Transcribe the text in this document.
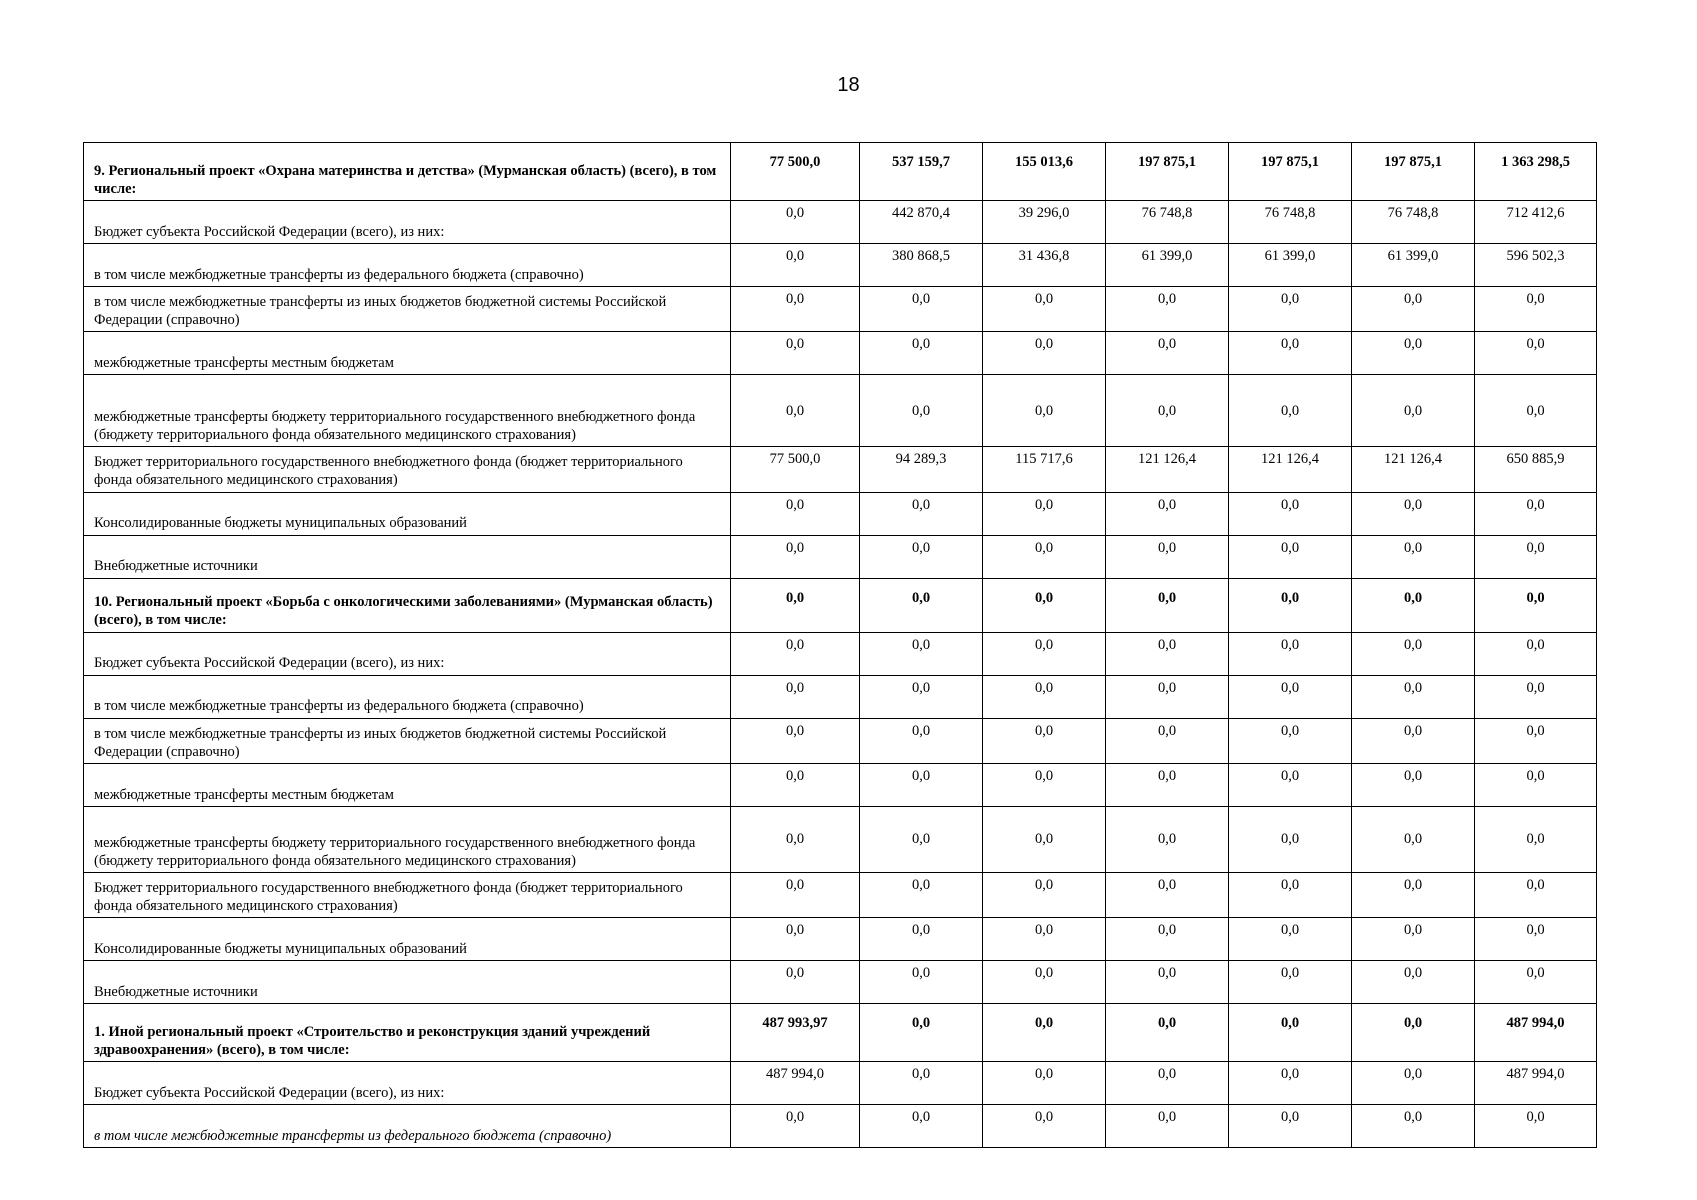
18
9. Региональный проект «Охрана материнства и детства» (Мурманская область) (всего), в том числе:	77 500,0	537 159,7	155 013,6	197 875,1	197 875,1	197 875,1	1 363 298,5
Бюджет субъекта Российской Федерации (всего), из них:	0,0	442 870,4	39 296,0	76 748,8	76 748,8	76 748,8	712 412,6
в том числе межбюджетные трансферты из федерального бюджета (справочно)	0,0	380 868,5	31 436,8	61 399,0	61 399,0	61 399,0	596 502,3
в том числе межбюджетные трансферты из иных бюджетов бюджетной системы Российской Федерации (справочно)	0,0	0,0	0,0	0,0	0,0	0,0	0,0
межбюджетные трансферты местным бюджетам	0,0	0,0	0,0	0,0	0,0	0,0	0,0
межбюджетные трансферты бюджету территориального государственного внебюджетного фонда (бюджету территориального фонда обязательного медицинского страхования)	0,0	0,0	0,0	0,0	0,0	0,0	0,0
Бюджет территориального государственного внебюджетного фонда (бюджет территориального фонда обязательного медицинского страхования)	77 500,0	94 289,3	115 717,6	121 126,4	121 126,4	121 126,4	650 885,9
Консолидированные бюджеты муниципальных образований	0,0	0,0	0,0	0,0	0,0	0,0	0,0
Внебюджетные источники	0,0	0,0	0,0	0,0	0,0	0,0	0,0
10. Региональный проект «Борьба с онкологическими заболеваниями» (Мурманская область) (всего), в том числе:	0,0	0,0	0,0	0,0	0,0	0,0	0,0
Бюджет субъекта Российской Федерации (всего), из них:	0,0	0,0	0,0	0,0	0,0	0,0	0,0
в том числе межбюджетные трансферты из федерального бюджета (справочно)	0,0	0,0	0,0	0,0	0,0	0,0	0,0
в том числе межбюджетные трансферты из иных бюджетов бюджетной системы Российской Федерации (справочно)	0,0	0,0	0,0	0,0	0,0	0,0	0,0
межбюджетные трансферты местным бюджетам	0,0	0,0	0,0	0,0	0,0	0,0	0,0
межбюджетные трансферты бюджету территориального государственного внебюджетного фонда (бюджету территориального фонда обязательного медицинского страхования)	0,0	0,0	0,0	0,0	0,0	0,0	0,0
Бюджет территориального государственного внебюджетного фонда (бюджет территориального фонда обязательного медицинского страхования)	0,0	0,0	0,0	0,0	0,0	0,0	0,0
Консолидированные бюджеты муниципальных образований	0,0	0,0	0,0	0,0	0,0	0,0	0,0
Внебюджетные источники	0,0	0,0	0,0	0,0	0,0	0,0	0,0
1. Иной региональный проект «Строительство и реконструкция зданий учреждений здравоохранения» (всего), в том числе:	487 993,97	0,0	0,0	0,0	0,0	0,0	487 994,0
Бюджет субъекта Российской Федерации (всего), из них:	487 994,0	0,0	0,0	0,0	0,0	0,0	487 994,0
в том числе межбюджетные трансферты из федерального бюджета (справочно)	0,0	0,0	0,0	0,0	0,0	0,0	0,0
